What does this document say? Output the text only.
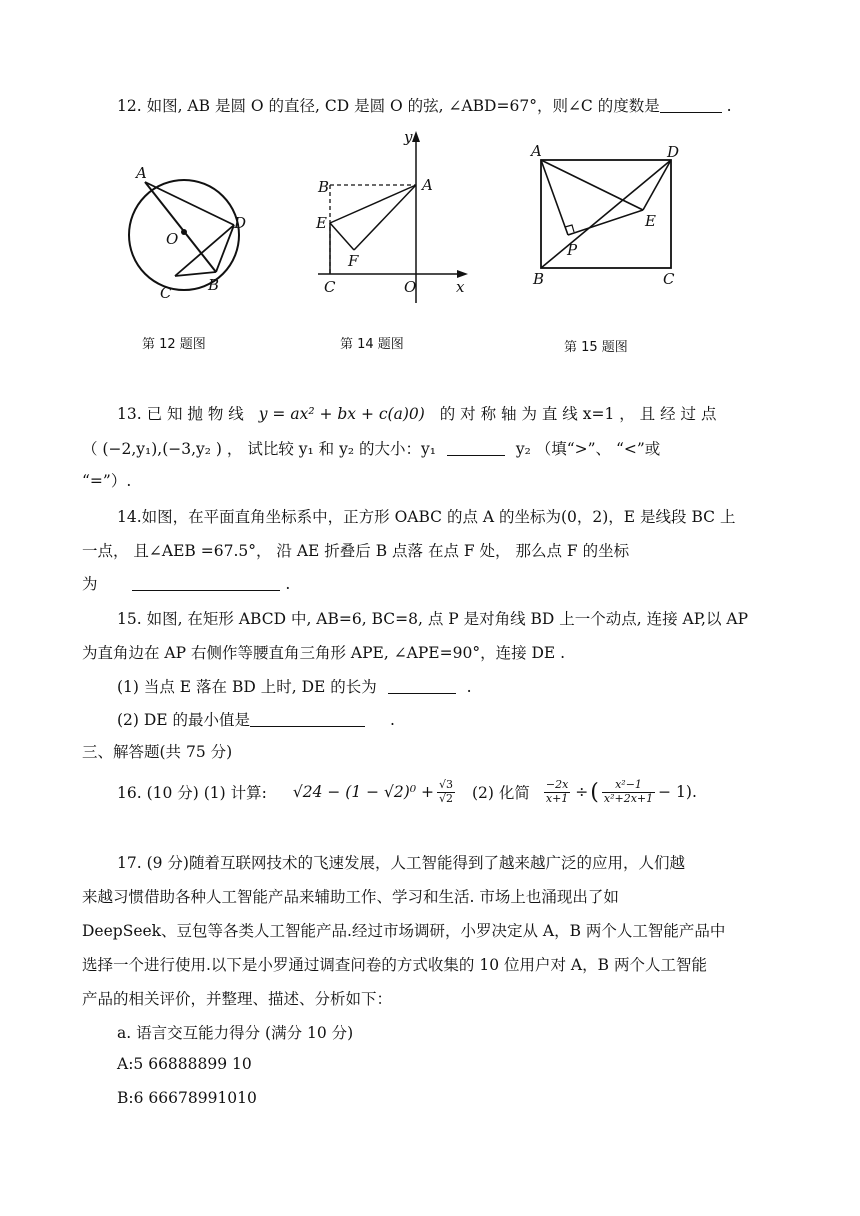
12. 如图, AB 是圆 O 的直径, CD 是圆 O 的弦, ∠ABD=67°，则∠C 的度数是	.
A
D
O
C B
第 12 题图
y
B	A
E
F
C	O	x
第 14 题图
A	D
E
P
B	C
第 15 题图
13. 已 知 抛 物 线 y = ax² + bx + c(a)0) 的 对 称 轴 为 直 线 x=1 ， 且 经 过 点
（ (−2,y₁),(−3,y₂ ) ， 试比较 y₁ 和 y₂ 的大小：y₁	y₂ （填“>”、 “<”或
“=”）.
14.如图，在平面直角坐标系中，正方形 OABC 的点 A 的坐标为(0，2)，E 是线段 BC 上
一点， 且∠AEB =67.5°， 沿 AE 折叠后 B 点落 在点 F 处， 那么点 F 的坐标
为	.
15. 如图, 在矩形 ABCD 中, AB=6, BC=8, 点 P 是对角线 BD 上一个动点, 连接 AP,以 AP
为直角边在 AP 右侧作等腰直角三角形 APE, ∠APE=90°，连接 DE .
(1) 当点 E 落在 BD 上时, DE 的长为	.
(2) DE 的最小值是	.
三、解答题(共 75 分)
16. (10 分) (1) 计算: $√24 - (1 - √2)^0 + \frac{√3}{√2} (2)$ 化简 $\frac{-2x}{x+1}$ ÷ ( $\frac{\text{x²−1}}{\text{x²+2x+1}} - 1$).
17. (9 分)随着互联网技术的飞速发展，人工智能得到了越来越广泛的应用，人们越
来越习惯借助各种人工智能产品来辅助工作、学习和生活. 市场上也涌现出了如
DeepSeek、豆包等各类人工智能产品.经过市场调研，小罗决定从 A，B 两个人工智能产品中
选择一个进行使用.以下是小罗通过调查问卷的方式收集的 10 位用户对 A，B 两个人工智能
产品的相关评价，并整理、描述、分析如下：
a. 语言交互能力得分 (满分 10 分)
A:5 66888899 10
B:6 66678991010
